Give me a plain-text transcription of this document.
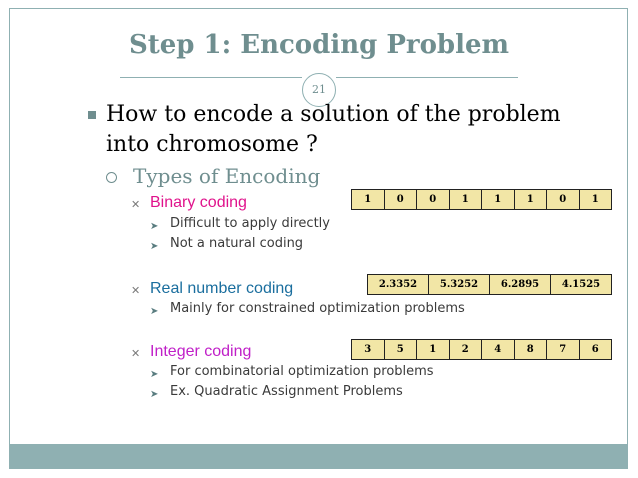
Step 1: Encoding Problem
21
How to encode a solution of the problem into chromosome ?
Types of Encoding
✕ Binary coding
➤ Difficult to apply directly
➤ Not a natural coding
1	0	0	1	1	1	0	1
✕ Real number coding
➤ Mainly for constrained optimization problems
2.3352	5.3252	6.2895	4.1525
✕ Integer coding
➤ For combinatorial optimization problems
➤ Ex. Quadratic Assignment Problems
3	5	1	2	4	8	7	6
